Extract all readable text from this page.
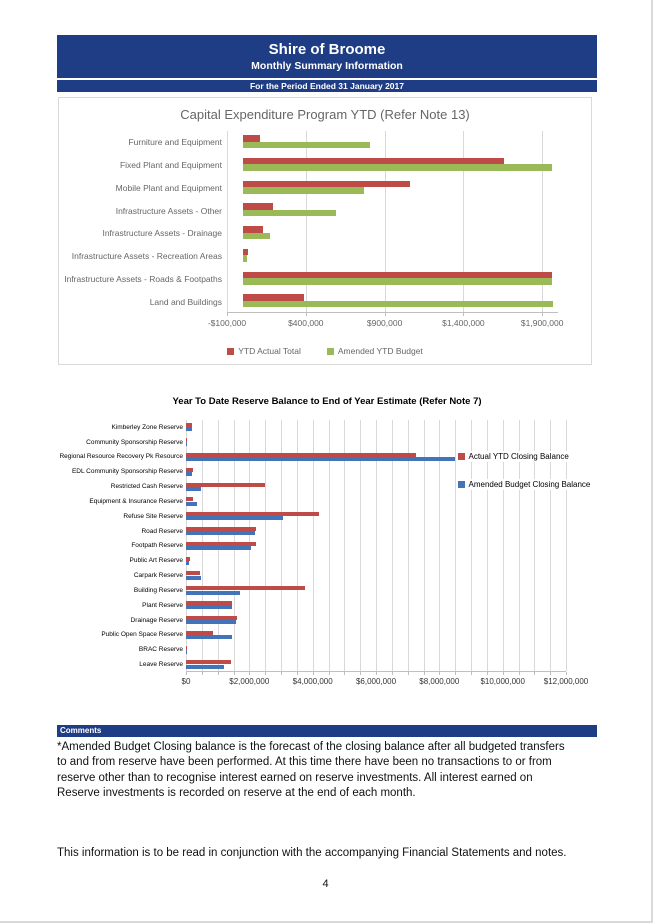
Shire of Broome
Monthly Summary Information
For the Period Ended 31 January 2017
Capital Expenditure Program YTD (Refer Note 13)
Furniture and Equipment
Fixed Plant and Equipment
Mobile Plant and Equipment
Infrastructure Assets - Other
Infrastructure Assets - Drainage
Infrastructure Assets - Recreation Areas
Infrastructure Assets - Roads & Footpaths
Land and Buildings
-$100,000	$400,000	$900,000	$1,400,000	$1,900,000
YTD Actual Total	Amended YTD Budget
Year To Date Reserve Balance to End of Year Estimate (Refer Note 7)
Kimberley Zone Reserve
Community Sponsorship Reserve
Regional Resource Recovery Pk Resource
EDL Community Sponsorship Reserve
Restricted Cash Reserve
Equipment & Insurance Reserve
Refuse Site Reserve
Road Reserve
Footpath Reserve
Public Art Reserve
Carpark Reserve
Building Reserve
Plant Reserve
Drainage Reserve
Public Open Space Reserve
BRAC Reserve
Leave Reserve
$0	$2,000,000	$4,000,000	$6,000,000	$8,000,000	$10,000,000 $12,000,000
Actual YTD Closing Balance
Amended Budget Closing Balance
Comments
*Amended Budget Closing balance is the forecast of the closing balance after all budgeted transfers to and from reserve have been performed. At this time there have been no transactions to or from reserve other than to recognise interest earned on reserve investments. All interest earned on Reserve investments is recorded on reserve at the end of each month.
This information is to be read in conjunction with the accompanying Financial Statements and notes.
4
